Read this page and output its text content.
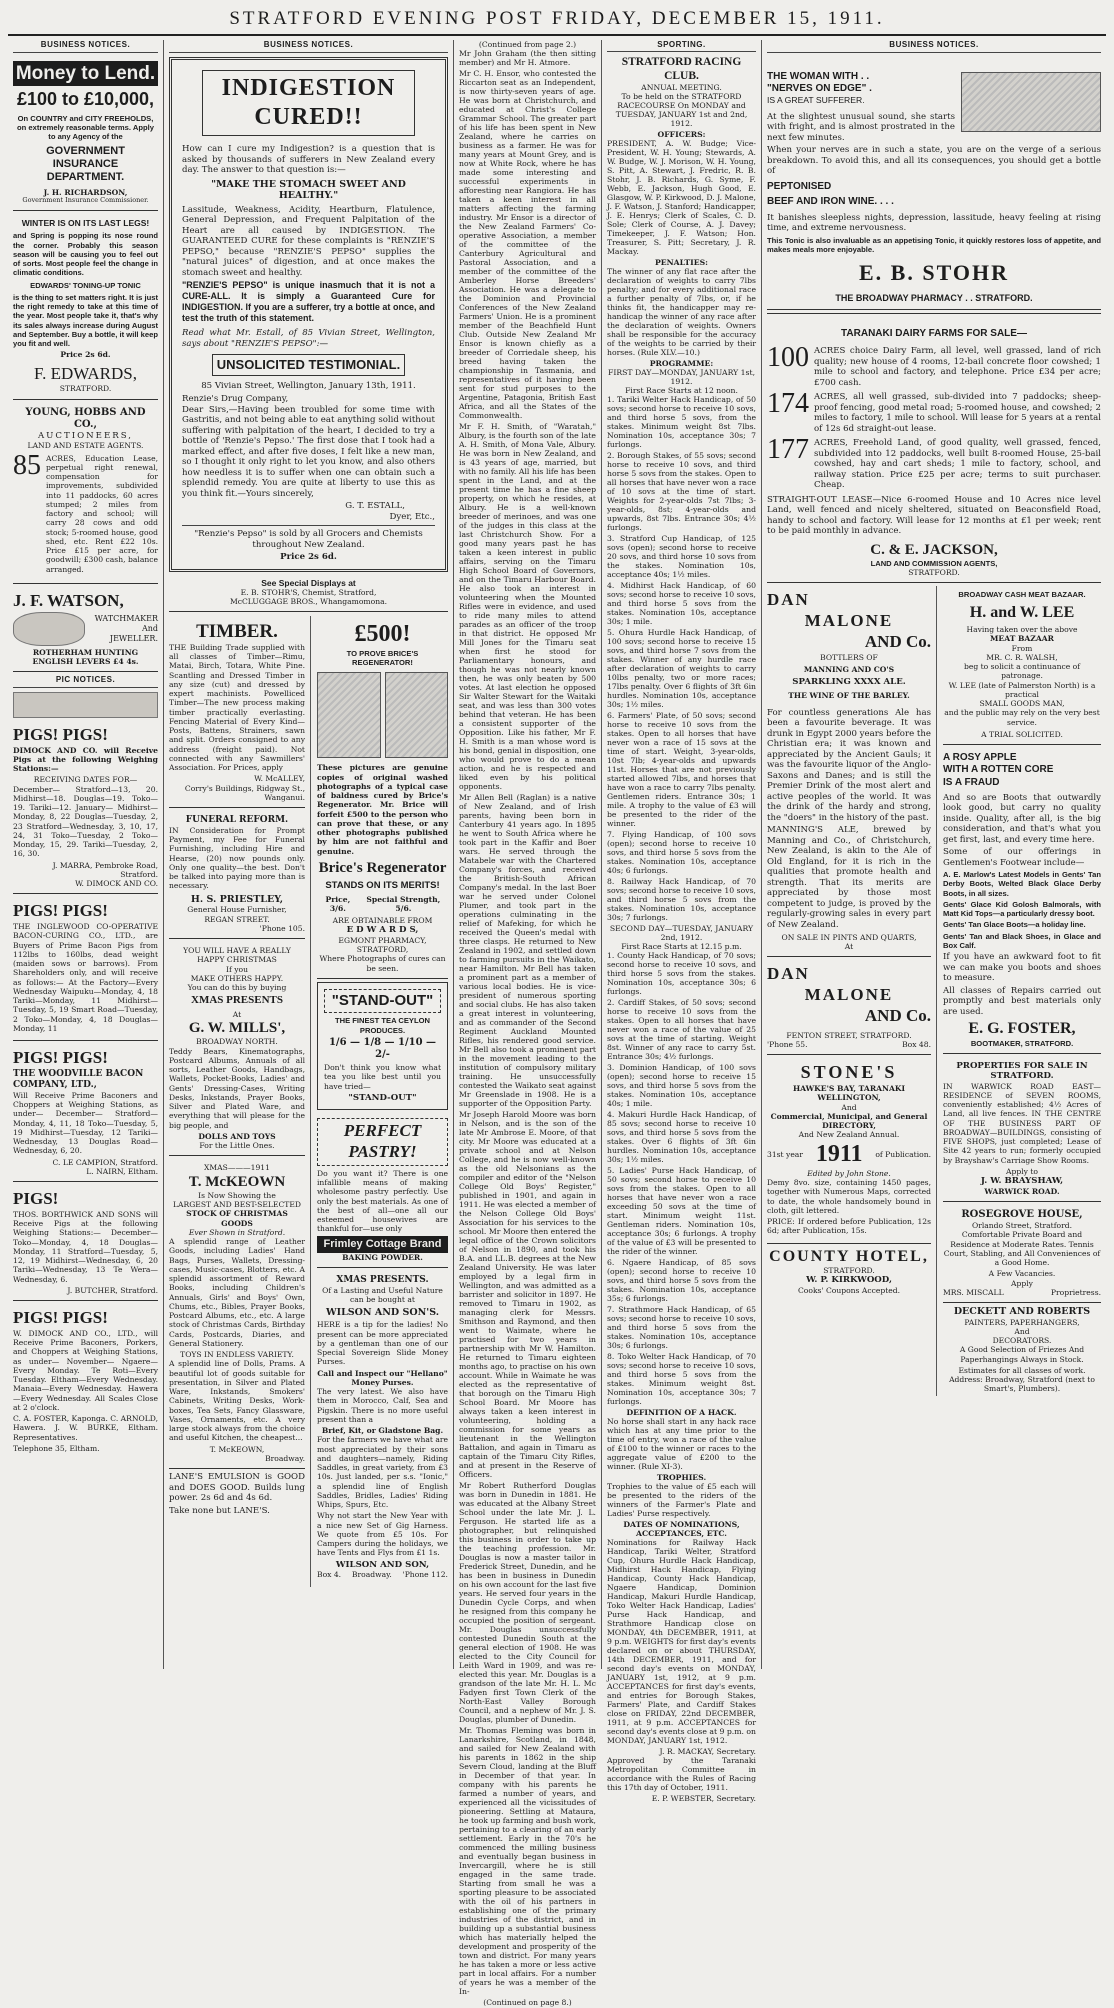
STRATFORD EVENING POST FRIDAY, DECEMBER 15, 1911.
BUSINESS NOTICES.
Money to Lend.
£100 to £10,000,
On COUNTRY and CITY FREEHOLDS, on extremely reasonable terms. Apply to any Agency of the
GOVERNMENT INSURANCE DEPARTMENT.
J. H. RICHARDSON,
Government Insurance Commissioner.
WINTER IS ON ITS LAST LEGS!

and Spring is popping its nose round the corner. Probably this season season will be causing you to feel out of sorts. Most people feel the change in climatic conditions.

EDWARDS' TONING-UP TONIC

is the thing to set matters right. It is just the right remedy to take at this time of the year. Most people take it, that's why its sales always increase during August and September. Buy a bottle, it will keep you fit and well.

Price 2s 6d.
F. EDWARDS,
STRATFORD.
YOUNG, HOBBS AND CO.,
AUCTIONEERS,
LAND AND ESTATE AGENTS.
85 ACRES, Education Lease, perpetual right renewal, compensation for improvements, subdivided into 11 paddocks, 60 acres stumped; 2 miles from factory and school; will carry 28 cows and odd stock; 5-roomed house, good shed, etc. Rent £22 10s. Price £15 per acre, for goodwill; £300 cash, balance arranged.
J. F. WATSON,
WATCHMAKER
And
JEWELLER.
ROTHERHAM HUNTING ENGLISH LEVERS £4 4s.
PIC NOTICES.
PIGS! PIGS!

DIMOCK AND CO. will Receive Pigs at the following Weighing Stations:—

RECEIVING DATES FOR—

December— Stratford—13, 20. Midhirst—18. Douglas—19. Toko—19. Tariki—12. January— Midhirst—Monday, 8, 22 Douglas—Tuesday, 2, 23 Stratford—Wednesday, 3, 10, 17, 24, 31 Toko—Tuesday, 2 Toko—Monday, 15, 29. Tariki—Tuesday, 2, 16, 30.

J. MARRA, Pembroke Road, Stratford.
W. DIMOCK AND CO.
PIGS! PIGS!

THE INGLEWOOD CO-OPERATIVE BACON-CURING CO., LTD., are Buyers of Prime Bacon Pigs from 112lbs to 160lbs, dead weight (maiden sows or barrows). From Shareholders only, and will receive as follows:— At the Factory—Every Wednesday Waipuku—Monday, 4, 18 Tariki—Monday, 11 Midhirst—Tuesday, 5, 19 Smart Road—Tuesday, 2 Toko—Monday, 4, 18 Douglas—Monday, 11

PIGS! PIGS!
THE WOODVILLE BACON COMPANY, LTD.,

Will Receive Prime Baconers and Choppers at Weighing Stations, as under— December— Stratford—Monday, 4, 11, 18 Toko—Tuesday, 5, 19 Midhirst—Tuesday, 12 Tariki—Wednesday, 13 Douglas Road—Wednesday, 6, 20.

C. LE CAMPION, Stratford.
L. NAIRN, Eltham.
PIGS!

THOS. BORTHWICK AND SONS will Receive Pigs at the following Weighing Stations:— December— Toko—Monday, 4, 18 Douglas—Monday, 11 Stratford—Tuesday, 5, 12, 19 Midhirst—Wednesday, 6, 20 Tariki—Wednesday, 13 Te Wera—Wednesday, 6.

J. BUTCHER, Stratford.
PIGS! PIGS!

W. DIMOCK AND CO., LTD., will Receive Prime Baconers, Porkers, and Choppers at Weighing Stations, as under— November— Ngaere—Every Monday. Te Roti—Every Tuesday. Eltham—Every Wednesday. Manaia—Every Wednesday. Hawera—Every Wednesday. All Scales Close at 2 o'clock.

C. A. FOSTER, Kaponga. C. ARNOLD, Hawera. J. W. BURKE, Eltham. Representatives.

Telephone 35, Eltham.
BUSINESS NOTICES.
INDIGESTION CURED!!

How can I cure my Indigestion? is a question that is asked by thousands of sufferers in New Zealand every day. The answer to that question is:—

"MAKE THE STOMACH SWEET AND HEALTHY."

Lassitude, Weakness, Acidity, Heartburn, Flatulence, General Depression, and Frequent Palpitation of the Heart are all caused by INDIGESTION. The GUARANTEED CURE for these complaints is "RENZIE'S PEPSO," because "RENZIE'S PEPSO" supplies the "natural juices" of digestion, and at once makes the stomach sweet and healthy.

"RENZIE'S PEPSO" is unique inasmuch that it is not a CURE-ALL. It is simply a Guaranteed Cure for INDIGESTION. If you are a sufferer, try a bottle at once, and test the truth of this statement.

Read what Mr. Estall, of 85 Vivian Street, Wellington, says about "RENZIE'S PEPSO":—

UNSOLICITED TESTIMONIAL.
85 Vivian Street, Wellington, January 13th, 1911.
Renzie's Drug Company,

Dear Sirs,—Having been troubled for some time with Gastritis, and not being able to eat anything solid without suffering with palpitation of the heart, I decided to try a bottle of 'Renzie's Pepso.' The first dose that I took had a marked effect, and after five doses, I felt like a new man, so I thought it only right to let you know, and also others how needless it is to suffer when one can obtain such a splendid remedy. You are quite at liberty to use this as you think fit.—Yours sincerely,

G. T. ESTALL,
Dyer, Etc.,

"Renzie's Pepso" is sold by all Grocers and Chemists throughout New Zealand.

Price 2s 6d.
See Special Displays at
E. B. STOHR'S, Chemist, Stratford,
McCLUGGAGE BROS., Whangamomona.
TIMBER.

THE Building Trade supplied with all classes of Timber—Rimu, Matai, Birch, Totara, White Pine. Scantling and Dressed Timber in any size (cut) and dressed by expert machinists. Powelliced Timber—The new process making timber practically everlasting. Fencing Material of Every Kind—Posts, Battens, Strainers, sawn and split. Orders consigned to any address (freight paid). Not connected with any Sawmillers' Association. For Prices, apply

W. McALLEY,
Corry's Buildings, Ridgway St., Wanganui.
FUNERAL REFORM.

IN Consideration for Prompt Payment, my Fee for Funeral Furnishing, including Hire and Hearse, (20) now pounds only. Only one quality—the best. Don't be talked into paying more than is necessary.

H. S. PRIESTLEY,
General House Furnisher,
REGAN STREET.
'Phone 105.
YOU WILL HAVE A REALLY HAPPY CHRISTMAS
If you
MAKE OTHERS HAPPY.
You can do this by buying
XMAS PRESENTS
At
G. W. MILLS',
BROADWAY NORTH.

Teddy Bears, Kinematographs, Postcard Albums, Annuals of all sorts, Leather Goods, Handbags, Wallets, Pocket-Books, Ladies' and Gents' Dressing-Cases, Writing Desks, Inkstands, Prayer Books, Silver and Plated Ware, and everything that will please for the big people, and

DOLLS AND TOYS
For the Little Ones.
XMAS———1911
T. McKEOWN
Is Now Showing the
LARGEST AND BEST-SELECTED
STOCK OF CHRISTMAS GOODS
Ever Shown in Stratford.

A splendid range of Leather Goods, including Ladies' Hand Bags, Purses, Wallets, Dressing-cases, Music-cases, Blotters, etc. A splendid assortment of Reward Books, including Children's Annuals, Girls' and Boys' Own, Chums, etc., Bibles, Prayer Books, Postcard Albums, etc., etc. A large stock of Christmas Cards, Birthday Cards, Postcards, Diaries, and General Stationery.

TOYS IN ENDLESS VARIETY.

A splendid line of Dolls, Prams. A beautiful lot of goods suitable for presentation, in Silver and Plated Ware, Inkstands, Smokers' Cabinets, Writing Desks, Work-boxes, Tea Sets, Fancy Glassware, Vases, Ornaments, etc. A very large stock always from the choice and useful Kitchen, the cheapest...

T. McKEOWN,
Broadway.

LANE'S EMULSION is GOOD and DOES GOOD. Builds lung power. 2s 6d and 4s 6d.

Take none but LANE'S.

£500!
TO PROVE BRICE'S REGENERATOR!

These pictures are genuine copies of original washed photographs of a typical case of baldness cured by Brice's Regenerator. Mr. Brice will forfeit £500 to the person who can prove that these, or any other photographs published by him are not faithful and genuine.

Brice's Regenerator
STANDS ON ITS MERITS!
Price, 3/6.
Special Strength, 5/6.
ARE OBTAINABLE FROM
E D W A R D S,
EGMONT PHARMACY,
STRATFORD,
Where Photographs of cures can be seen.
"STAND-OUT"
THE FINEST TEA CEYLON PRODUCES.
1/6 — 1/8 — 1/10 — 2/-

Don't think you know what tea you like best until you have tried—

"STAND-OUT"
PERFECT PASTRY!

Do you want it? There is one infallible means of making wholesome pastry perfectly. Use only the best materials. As one of the best of all—one all our esteemed housewives are thankful for—use only

Frimley Cottage Brand
BAKING POWDER.
XMAS PRESENTS.
Of a Lasting and Useful Nature can be bought at
WILSON AND SON'S.

HERE is a tip for the ladies! No present can be more appreciated by a gentleman than one of our Special Sovereign Slide Money Purses.

Call and Inspect our "Hellano" Money Purses.

The very latest. We also have them in Morocco, Calf, Sea and Pigskin. There is no more useful present than a

Brief, Kit, or Gladstone Bag.

For the farmers we have what are most appreciated by their sons and daughters—namely, Riding Saddles, in great variety, from £3 10s. Just landed, per s.s. "Ionic," a splendid line of English Saddles, Bridles, Ladies' Riding Whips, Spurs, Etc.

Why not start the New Year with a nice new Set of Gig Harness. We quote from £5 10s. For Campers during the holidays, we have Tents and Flys from £1 1s.

WILSON AND SON,
Box 4. Broadway. 'Phone 112.
(Continued from page 2.)

Mr John Graham (the then sitting member) and Mr H. Atmore.

Mr C. H. Ensor, who contested the Riccarton seat as an Independent, is now thirty-seven years of age. He was born at Christchurch, and educated at Christ's College Grammar School. The greater part of his life has been spent in New Zealand, where he carries on business as a farmer. He was for many years at Mount Grey, and is now at White Rock, where he has made some interesting and successful experiments in afforesting near Rangiora. He has taken a keen interest in all matters affecting the farming industry. Mr Ensor is a director of the New Zealand Farmers' Co-operative Association, a member of the committee of the Canterbury Agricultural and Pastoral Association, and a member of the committee of the Amberley Horse Breeders' Association. He was a delegate to the Dominion and Provincial Conferences of the New Zealand Farmers' Union. He is a prominent member of the Beachfield Hunt Club. Outside New Zealand Mr Ensor is known chiefly as a breeder of Corriedale sheep, his breed having taken the championship in Tasmania, and representatives of it having been sent for stud purposes to the Argentine, Patagonia, British East Africa, and all the States of the Commonwealth.

Mr F. H. Smith, of "Waratah," Albury, is the fourth son of the late A. H. Smith, of Mona Vale, Albury. He was born in New Zealand, and is 43 years of age, married, but with no family. All his life has been spent in the Land, and at the present time he has a fine sheep property, on which he resides, at Albury. He is a well-known breeder of merinoes, and was one of the judges in this class at the last Christchurch Show. For a good many years past he has taken a keen interest in public affairs, serving on the Timaru High School Board of Governors, and on the Timaru Harbour Board. He also took an interest in volunteering when the Mounted Rifles were in evidence, and used to ride many miles to attend parades as an officer of the troop in that district. He opposed Mr Mill Jones for the Timaru seat when first he stood for Parliamentary honours, and though he was not nearly known then, he was only beaten by 500 votes. At last election he opposed Sir Walter Stewart for the Waitaki seat, and was less than 300 votes behind that veteran. He has been a consistent supporter of the Opposition. Like his father, Mr F. H. Smith is a man whose word is his bond, genial in disposition, one who would prove to do a mean action, and he is respected and liked even by his political opponents.

Mr Allen Bell (Raglan) is a native of New Zealand, and of Irish parents, having been born in Canterbury 41 years ago. In 1895 he went to South Africa where he took part in the Kaffir and Boer wars. He served through the Matabele war with the Chartered Company's forces, and received the British-South African Company's medal. In the last Boer war he served under Colonel Plumer, and took part in the operations culminating in the relief of Mafeking, for which he received the Queen's medal with three clasps. He returned to New Zealand in 1902, and settled down to farming pursuits in the Waikato, near Hamilton. Mr Bell has taken a prominent part as a member of various local bodies. He is vice-president of numerous sporting and social clubs. He has also taken a great interest in volunteering, and as commander of the Second Regiment Auckland Mounted Rifles, his rendered good service. Mr Bell also took a prominent part in the movement leading to the institution of compulsory military training. He unsuccessfully contested the Waikato seat against Mr Greenslade in 1908. He is a supporter of the Opposition Party.

Mr Joseph Harold Moore was born in Nelson, and is the son of the late Mr Ambrose E. Moore, of that city. Mr Moore was educated at a private school and at Nelson College, and he is now well-known as the old Nelsonians as the compiler and editor of the "Nelson College Old Boys' Register," published in 1901, and again in 1911. He was elected a member of the Nelson College Old Boys' Association for his services to the school. Mr Moore then entered the legal office of the Crown solicitors of Nelson in 1890, and took his B.A. and LL.B. degrees at the New Zealand University. He was later employed by a legal firm in Wellington, and was admitted as a barrister and solicitor in 1897. He removed to Timaru in 1902, as managing clerk for Messrs. Smithson and Raymond, and then went to Waimate, where he practised for two years in partnership with Mr W. Hamilton. He returned to Timaru eighteen months ago, to practise on his own account. While in Waimate he was elected as the representative of that borough on the Timaru High School Board. Mr Moore has always taken a keen interest in volunteering, holding a commission for some years as lieutenant in the Wellington Battalion, and again in Timaru as captain of the Timaru City Rifles, and at present in the Reserve of Officers.

Mr Robert Rutherford Douglas was born in Dunedin in 1881. He was educated at the Albany Street School under the late Mr. J. L. Ferguson. He started life as a photographer, but relinquished this business in order to take up the teaching profession. Mr. Douglas is now a master tailor in Frederick Street, Dunedin, and he has been in business in Dunedin on his own account for the last five years. He served four years in the Dunedin Cycle Corps, and when he resigned from this company he occupied the position of sergeant. Mr. Douglas unsuccessfully contested Dunedin South at the general election of 1908. He was elected to the City Council for Leith Ward in 1909, and was re-elected this year. Mr. Douglas is a grandson of the late Mr. H. L. Mc Fadyen first Town Clerk of the North-East Valley Borough Council, and a nephew of Mr. J. S. Douglas, plumber of Dunedin.

Mr. Thomas Fleming was born in Lanarkshire, Scotland, in 1848, and sailed for New Zealand with his parents in 1862 in the ship Severn Cloud, landing at the Bluff in December of that year. In company with his parents he farmed a number of years, and experienced all the vicissitudes of pioneering. Settling at Mataura, he took up farming and bush work, pertaining to a clearing of an early settlement. Early in the 70's he commenced the milling business and eventually began business in Invercargill, where he is still engaged in the same trade. Starting from small he was a sporting pleasure to be associated with the oil of his partners in establishing one of the primary industries of the district, and in building up a substantial business which has materially helped the development and prosperity of the town and district. For many years he has taken a more or less active part in local affairs. For a number of years he was a member of the In-

(Continued on page 8.)
SPORTING.
STRATFORD RACING CLUB.
ANNUAL MEETING.
To be held on the STRATFORD RACECOURSE On MONDAY and TUESDAY, JANUARY 1st and 2nd, 1912.
OFFICERS:

PRESIDENT, A. W. Budge; Vice-President, W. H. Young; Stewards, A. W. Budge, W. J. Morison, W. H. Young, S. Pitt, A. Stewart, J. Fredric, R. B. Stohr, J. B. Richards, G. Syme, F. Webb, E. Jackson, Hugh Good, E. Glasgow, W. P. Kirkwood, D. J. Malone, J. F. Watson, J. Stanford; Handicapper, J. E. Henrys; Clerk of Scales, C. D. Sole; Clerk of Course, A. J. Davey; Timekeeper, J. F. Watson; Hon. Treasurer, S. Pitt; Secretary, J. R. Mackay.

PENALTIES:

The winner of any flat race after the declaration of weights to carry 7lbs penalty; and for every additional race a further penalty of 7lbs, or, if he thinks fit, the handicapper may re-handicap the winner of any race after the declaration of weights. Owners shall be responsible for the accuracy of the weights to be carried by their horses. (Rule XLV.—10.)

PROGRAMME:
FIRST DAY—MONDAY, JANUARY 1st, 1912.
First Race Starts at 12 noon.

1. Tariki Welter Hack Handicap, of 50 sovs; second horse to receive 10 sovs, and third horse 5 sovs, from the stakes. Minimum weight 8st 7lbs. Nomination 10s, acceptance 30s; 7 furlongs.

2. Borough Stakes, of 55 sovs; second horse to receive 10 sovs, and third horse 5 sovs from the stakes. Open to all horses that have never won a race of 10 sovs at the time of start. Weights for 2-year-olds 7st 7lbs; 3-year-olds, 8st; 4-year-olds and upwards, 8st 7lbs. Entrance 30s; 4½ furlongs.

3. Stratford Cup Handicap, of 125 sovs (open); second horse to receive 20 sovs, and third horse 10 sovs from the stakes. Nomination 10s, acceptance 40s; 1½ miles.

4. Midhirst Hack Handicap, of 60 sovs; second horse to receive 10 sovs, and third horse 5 sovs from the stakes. Nomination 10s, acceptance 30s; 1 mile.

5. Ohura Hurdle Hack Handicap, of 100 sovs; second horse to receive 15 sovs, and third horse 7 sovs from the stakes. Winner of any hurdle race after declaration of weights to carry 10lbs penalty, two or more races; 17lbs penalty. Over 6 flights of 3ft 6in hurdles. Nomination 10s, acceptance 30s; 1½ miles.

6. Farmers' Plate, of 50 sovs; second horse to receive 10 sovs from the stakes. Open to all horses that have never won a race of 15 sovs at the time of start. Weight, 3-year-olds, 10st 7lb; 4-year-olds and upwards 11st. Horses that are not previously started allowed 7lbs, and horses that have won a race to carry 7lbs penalty. Gentlemen riders. Entrance 30s; 1 mile. A trophy to the value of £3 will be presented to the rider of the winner.

7. Flying Handicap, of 100 sovs (open); second horse to receive 10 sovs, and third horse 5 sovs from the stakes. Nomination 10s, acceptance 40s; 6 furlongs.

8. Railway Hack Handicap, of 70 sovs; second horse to receive 10 sovs, and third horse 5 sovs from the stakes. Nomination 10s, acceptance 30s; 7 furlongs.

SECOND DAY—TUESDAY, JANUARY 2nd, 1912.
First Race Starts at 12.15 p.m.

1. County Hack Handicap, of 70 sovs; second horse to receive 10 sovs, and third horse 5 sovs from the stakes. Nomination 10s, acceptance 30s; 6 furlongs.

2. Cardiff Stakes, of 50 sovs; second horse to receive 10 sovs from the stakes. Open to all horses that have never won a race of the value of 25 sovs at the time of starting. Weight 8st. Winner of any race to carry 5st. Entrance 30s; 4½ furlongs.

3. Dominion Handicap, of 100 sovs (open); second horse to receive 15 sovs, and third horse 5 sovs from the stakes. Nomination 10s, acceptance 40s; 1 mile.

4. Makuri Hurdle Hack Handicap, of 85 sovs; second horse to receive 10 sovs, and third horse 5 sovs from the stakes. Over 6 flights of 3ft 6in hurdles. Nomination 10s, acceptance 30s; 1½ miles.

5. Ladies' Purse Hack Handicap, of 50 sovs; second horse to receive 10 sovs from the stakes. Open to all horses that have never won a race exceeding 50 sovs at the time of start. Minimum weight 11st. Gentleman riders. Nomination 10s, acceptance 30s; 6 furlongs. A trophy of the value of £3 will be presented to the rider of the winner.

6. Ngaere Handicap, of 85 sovs (open); second horse to receive 10 sovs, and third horse 5 sovs from the stakes. Nomination 10s, acceptance 35s; 6 furlongs.

7. Strathmore Hack Handicap, of 65 sovs; second horse to receive 10 sovs, and third horse 5 sovs from the stakes. Nomination 10s, acceptance 30s; 6 furlongs.

8. Toko Welter Hack Handicap, of 70 sovs; second horse to receive 10 sovs, and third horse 5 sovs from the stakes. Minimum weight 8st. Nomination 10s, acceptance 30s; 7 furlongs.

DEFINITION OF A HACK.

No horse shall start in any hack race which has at any time prior to the time of entry, won a race of the value of £100 to the winner or races to the aggregate value of £200 to the winner. (Rule XI-3).

TROPHIES.

Trophies to the value of £5 each will be presented to the riders of the winners of the Farmer's Plate and Ladies' Purse respectively.

DATES OF NOMINATIONS, ACCEPTANCES, ETC.

Nominations for Railway Hack Handicap, Tariki Welter, Stratford Cup, Ohura Hurdle Hack Handicap, Midhirst Hack Handicap, Flying Handicap, County Hack Handicap, Ngaere Handicap, Dominion Handicap, Makuri Hurdle Handicap, Toko Welter Hack Handicap, Ladies' Purse Hack Handicap, and Strathmore Handicap close on MONDAY, 4th DECEMBER, 1911, at 9 p.m. WEIGHTS for first day's events declared on or about THURSDAY, 14th DECEMBER, 1911, and for second day's events on MONDAY, JANUARY 1st, 1912, at 9 p.m. ACCEPTANCES for first day's events, and entries for Borough Stakes, Farmers' Plate, and Cardiff Stakes close on FRIDAY, 22nd DECEMBER, 1911, at 9 p.m. ACCEPTANCES for second day's events close at 9 p.m. on MONDAY, JANUARY 1st, 1912.

J. R. MACKAY, Secretary.

Approved by the Taranaki Metropolitan Committee in accordance with the Rules of Racing this 17th day of October, 1911.

E. P. WEBSTER, Secretary.
BUSINESS NOTICES.
THE WOMAN WITH . .
"NERVES ON EDGE" .
IS A GREAT SUFFERER.

At the slightest unusual sound, she starts with fright, and is almost prostrated in the next few minutes.

When your nerves are in such a state, you are on the verge of a serious breakdown. To avoid this, and all its consequences, you should get a bottle of

PEPTONISED
BEEF AND IRON WINE. . . .

It banishes sleepless nights, depression, lassitude, heavy feeling at rising time, and extreme nervousness.

This Tonic is also invaluable as an appetising Tonic, it quickly restores loss of appetite, and makes meals more enjoyable.

E. B. STOHR
THE BROADWAY PHARMACY . . STRATFORD.
TARANAKI DAIRY FARMS FOR SALE—
100 ACRES choice Dairy Farm, all level, well grassed, land of rich quality; new house of 4 rooms, 12-bail concrete floor cowshed; 1 mile to school and factory, and telephone. Price £34 per acre; £700 cash.
174 ACRES, all well grassed, sub-divided into 7 paddocks; sheep-proof fencing, good metal road; 5-roomed house, and cowshed; 2 miles to factory, 1 mile to school. Will lease for 5 years at a rental of 12s 6d straight-out lease.
177 ACRES, Freehold Land, of good quality, well grassed, fenced, subdivided into 12 paddocks, well built 8-roomed House, 25-bail cowshed, hay and cart sheds; 1 mile to factory, school, and railway station. Price £25 per acre; terms to suit purchaser. Cheap.

STRAIGHT-OUT LEASE—Nice 6-roomed House and 10 Acres nice level Land, well fenced and nicely sheltered, situated on Beaconsfield Road, handy to school and factory. Will lease for 12 months at £1 per week; rent to be paid monthly in advance.

C. & E. JACKSON,
LAND AND COMMISSION AGENTS,
STRATFORD.
DAN
MALONE
AND Co.
BOTTLERS OF
MANNING AND CO'S
SPARKLING XXXX ALE.
THE WINE OF THE BARLEY.

For countless generations Ale has been a favourite beverage. It was drunk in Egypt 2000 years before the Christian era; it was known and appreciated by the Ancient Gauls; it was the favourite liquor of the Anglo-Saxons and Danes; and is still the Premier Drink of the most alert and active peoples of the world. It was the drink of the hardy and strong, the "doers" in the history of the past.

MANNING'S ALE, brewed by Manning and Co., of Christchurch, New Zealand, is akin to the Ale of Old England, for it is rich in the qualities that promote health and strength. That its merits are appreciated by those most competent to judge, is proved by the regularly-growing sales in every part of New Zealand.

ON SALE IN PINTS AND QUARTS,
At
DAN
MALONE
AND Co.
FENTON STREET, STRATFORD.
'Phone 55.	Box 48.
STONE'S
HAWKE'S BAY, TARANAKI WELLINGTON,
And
Commercial, Municipal, and General DIRECTORY,
And New Zealand Annual.
31st year 1911 of Publication.
Edited by John Stone.

Demy 8vo. size, containing 1450 pages, together with Numerous Maps, corrected to date, the whole handsomely bound in cloth, gilt lettered.

PRICE: If ordered before Publication, 12s 6d; after Publication, 15s.

COUNTY HOTEL,
STRATFORD.
W. P. KIRKWOOD,
Cooks' Coupons Accepted.
BROADWAY CASH MEAT BAZAAR.
H. and W. LEE
Having taken over the above
MEAT BAZAAR
From
MR. C. R. WALSH,
beg to solicit a continuance of patronage.
W. LEE (late of Palmerston North) is a practical
SMALL GOODS MAN,
and the public may rely on the very best service.
A TRIAL SOLICITED.
A ROSY APPLE
WITH A ROTTEN CORE
IS A FRAUD

And so are Boots that outwardly look good, but carry no quality inside. Quality, after all, is the big consideration, and that's what you get first, last, and every time here.

Some of our offerings in Gentlemen's Footwear include—

A. E. Marlow's Latest Models in Gents' Tan Derby Boots, Welted Black Glace Derby Boots, in all sizes.

Gents' Glace Kid Golosh Balmorals, with Matt Kid Tops—a particularly dressy boot.

Gents' Tan Glace Boots—a holiday line.

Gents' Tan and Black Shoes, in Glace and Box Calf.

If you have an awkward foot to fit we can make you boots and shoes to measure.

All classes of Repairs carried out promptly and best materials only are used.

E. G. FOSTER,
BOOTMAKER, STRATFORD.
PROPERTIES FOR SALE IN STRATFORD.

IN WARWICK ROAD EAST—RESIDENCE of SEVEN ROOMS, conveniently established; 4½ Acres of Land, all live fences. IN THE CENTRE OF THE BUSINESS PART OF BROADWAY—BUILDINGS, consisting of FIVE SHOPS, just completed; Lease of Site 42 years to run; formerly occupied by Brayshaw's Carriage Show Rooms.

Apply to
J. W. BRAYSHAW,
WARWICK ROAD.
ROSEGROVE HOUSE,
Orlando Street, Stratford.

Comfortable Private Board and Residence at Moderate Rates. Tennis Court, Stabling, and All Conveniences of a Good Home.

A Few Vacancies.
Apply
MRS. MISCALL	Proprietress.
DECKETT AND ROBERTS
PAINTERS, PAPERHANGERS,
And
DECORATORS.

A Good Selection of Friezes And Paperhangings Always in Stock.

Estimates for all classes of work. Address: Broadway, Stratford (next to Smart's, Plumbers).
